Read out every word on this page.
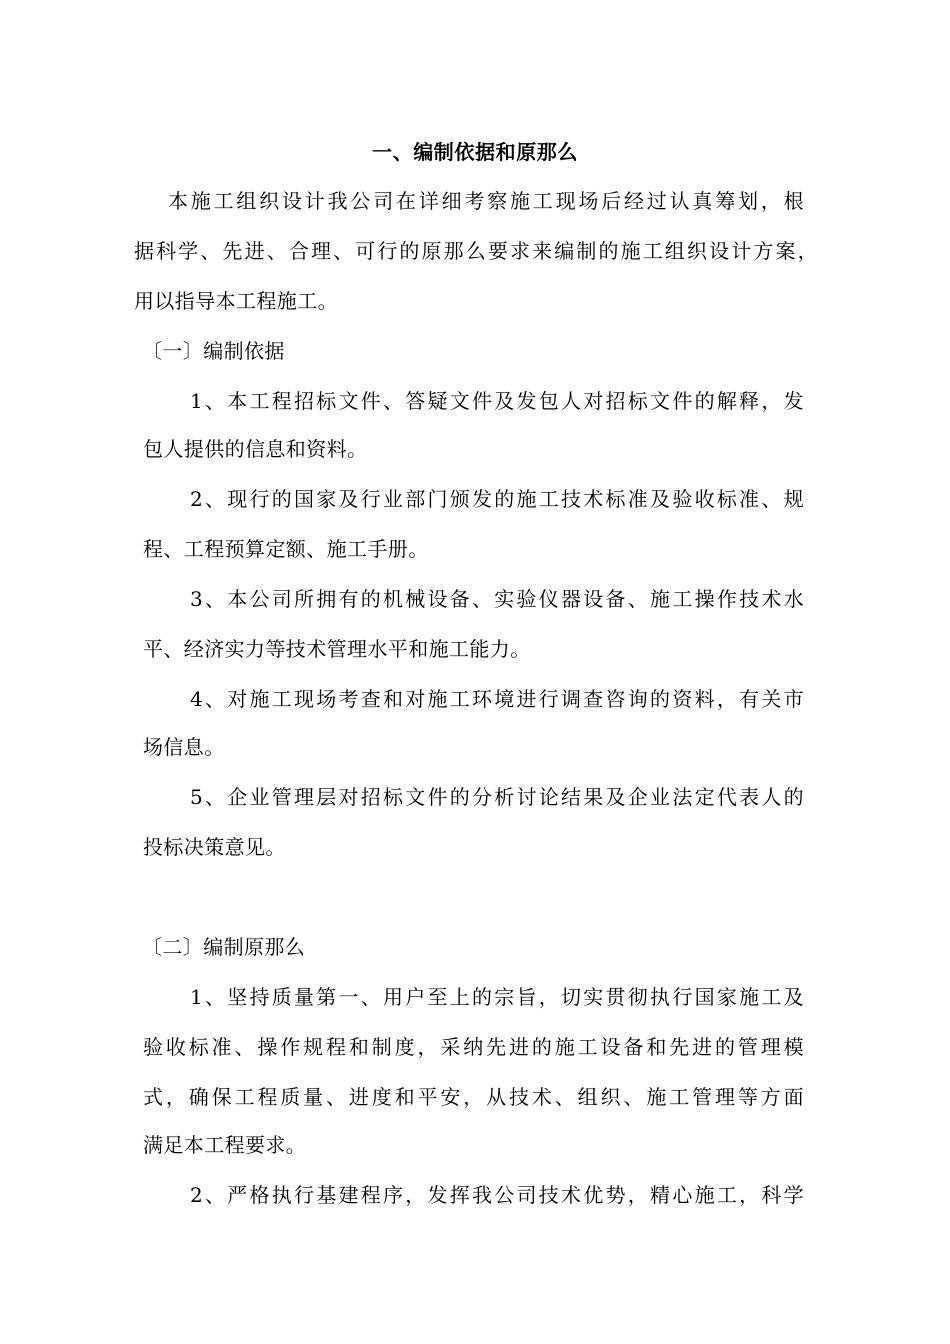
一、编制依据和原那么
本施工组织设计我公司在详细考察施工现场后经过认真筹划，根
据科学、先进、合理、可行的原那么要求来编制的施工组织设计方案，
用以指导本工程施工。
〔一〕编制依据
1、本工程招标文件、答疑文件及发包人对招标文件的解释，发
包人提供的信息和资料。
2、现行的国家及行业部门颁发的施工技术标准及验收标准、规
程、工程预算定额、施工手册。
3、本公司所拥有的机械设备、实验仪器设备、施工操作技术水
平、经济实力等技术管理水平和施工能力。
4、对施工现场考查和对施工环境进行调查咨询的资料，有关市
场信息。
5、企业管理层对招标文件的分析讨论结果及企业法定代表人的
投标决策意见。
〔二〕编制原那么
1、坚持质量第一、用户至上的宗旨，切实贯彻执行国家施工及
验收标准、操作规程和制度，采纳先进的施工设备和先进的管理模
式，确保工程质量、进度和平安，从技术、组织、施工管理等方面
满足本工程要求。
2、严格执行基建程序，发挥我公司技术优势，精心施工，科学
